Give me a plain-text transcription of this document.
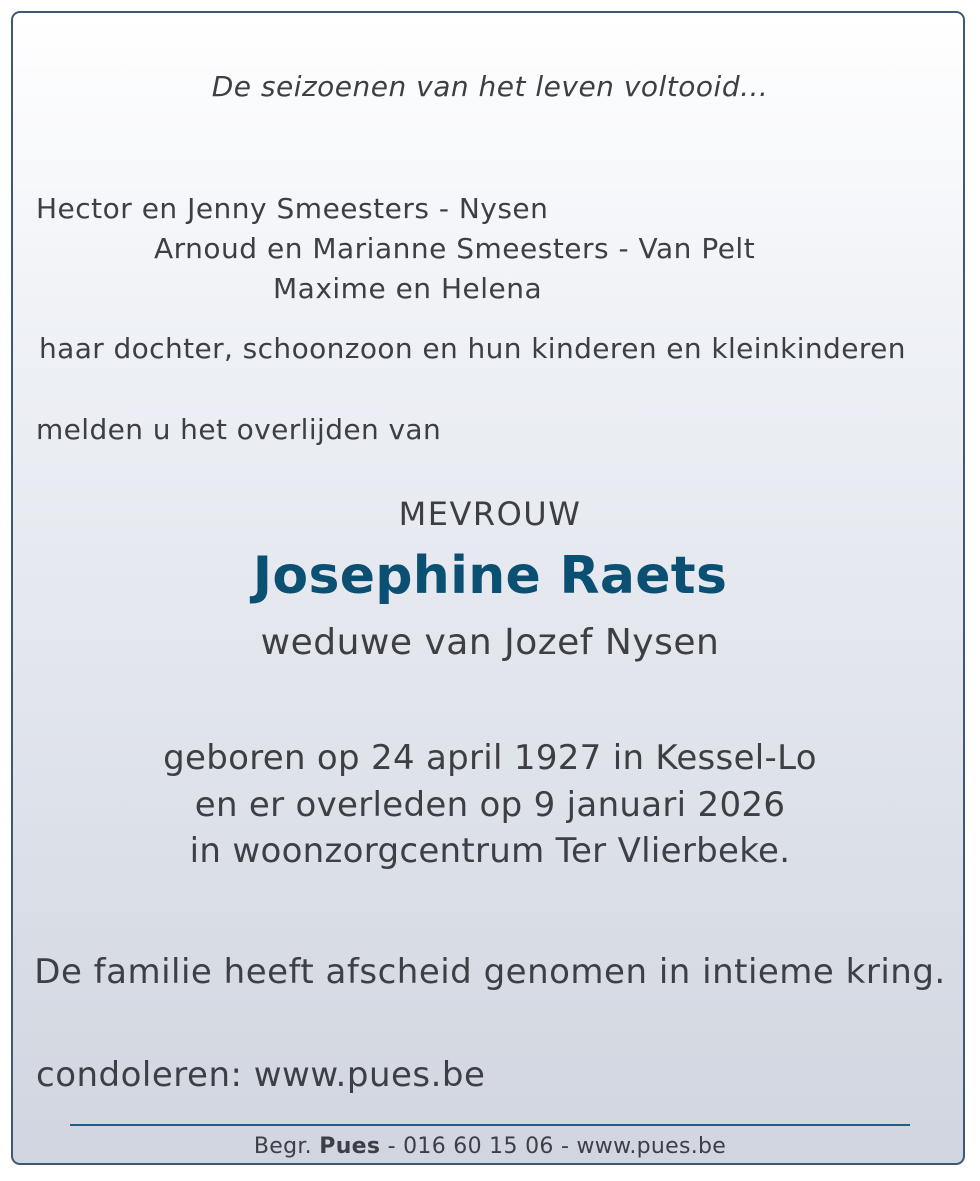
De seizoenen van het leven voltooid...

Hector en Jenny Smeesters - Nysen

Arnoud en Marianne Smeesters - Van Pelt

Maxime en Helena

haar dochter, schoonzoon en hun kinderen en kleinkinderen

melden u het overlijden van

MEVROUW

Josephine Raets

weduwe van Jozef Nysen

geboren op 24 april 1927 in Kessel-Lo

en er overleden op 9 januari 2026

in woonzorgcentrum Ter Vlierbeke.

De familie heeft afscheid genomen in intieme kring.

condoleren: www.pues.be

Begr. Pues - 016 60 15 06 - www.pues.be
